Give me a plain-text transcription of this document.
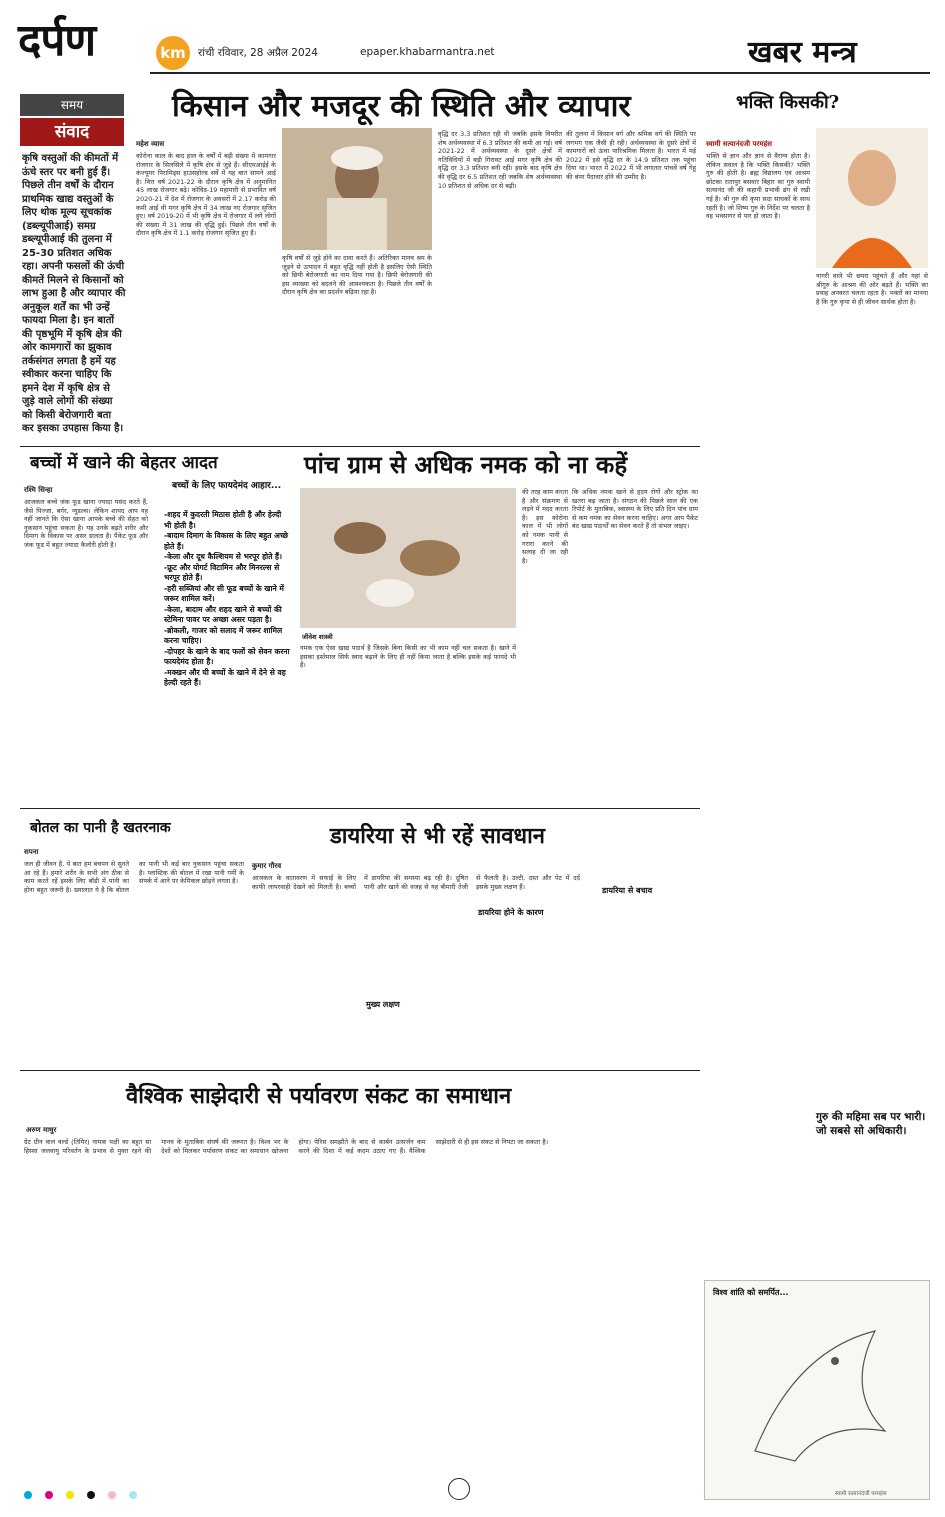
दर्पण	km	रांची रविवार, 28 अप्रैल 2024	epaper.khabarmantra.net	खबर मन्त्र
समय
संवाद
कृषि वस्तुओं की कीमतों में ऊंचे स्तर पर बनी हुई हैं। पिछले तीन वर्षों के दौरान प्राथमिक खाद्य वस्तुओं के लिए थोक मूल्य सूचकांक (डब्ल्यूपीआई) समग्र डब्ल्यूपीआई की तुलना में 25-30 प्रतिशत अधिक रहा। अपनी फसलों की ऊंची कीमतें मिलने से किसानों को लाभ हुआ है और व्यापार की अनुकूल शर्तें का भी उन्हें फायदा मिला है। इन बातों की पृष्ठभूमि में कृषि क्षेत्र की ओर कामगारों का झुकाव तर्कसंगत लगता है हमें यह स्वीकार करना चाहिए कि हमने देश में कृषि क्षेत्र से जुड़े वाले लोगों की संख्या को किसी बेरोजगारी बता कर इसका उपहास किया है।
किसान और मजदूर की स्थिति और व्यापार
महेश व्यास
कोरोना काल के बाद हाल के वर्षों में बड़ी संख्या में कामगार रोजगार के सिलसिले में कृषि क्षेत्र से जुड़े हैं। सीएमआईई के कंज्यूमर पिरामिड्स हाउसहोल्ड सर्वे में यह बात सामने आई है। वित्त वर्ष 2021-22 के दौरान कृषि क्षेत्र में अनुमानित 45 लाख रोजगार बढ़े। कोविड-19 महामारी से प्रभावित वर्ष 2020-21 में देश में रोजगार के अवसरों में 2.17 करोड़ की कमी आई थी मगर कृषि क्षेत्र में 34 लाख नए रोजगार सृजित हुए। वर्ष 2019-20 में भी कृषि क्षेत्र में रोजगार में लगे लोगों की संख्या में 31 लाख की वृद्धि हुई। पिछले तीन वर्षों के दौरान कृषि क्षेत्र में 1.1 करोड़ रोजगार सृजित हुए हैं।
कृषि वर्षों से जुड़े होने का दावा करते हैं। अतिरिक्त मानव श्रम के जुड़ने से उत्पादन में बहुत वृद्धि नहीं होती है इसलिए ऐसी स्थिति को छिपी बेरोजगारी का नाम दिया गया है। छिपी बेरोजगारी की इस व्याख्या को बदलने की आवश्यकता है। पिछले तीन वर्षों के दौरान कृषि क्षेत्र का प्रदर्शन बढ़िया रहा है।
वृद्धि दर 3.3 प्रतिशत रही थी जबकि इसके विपरीत शेष अर्थव्यवस्था में 6.3 प्रतिशत की कमी आ गई। वर्ष 2021-22 में अर्थव्यवस्था के दूसरे क्षेत्रों में गतिविधियों में बड़ी गिरावट आई मगर कृषि क्षेत्र की वृद्धि दर 3.3 प्रतिशत बनी रही। इसके बाद कृषि क्षेत्र की वृद्धि दर 6.5 प्रतिशत रही जबकि शेष अर्थव्यवस्था 10 प्रतिशत से अधिक दर से बढ़ी।
की तुलना में किसान वर्ग और श्रमिक वर्ग की स्थिति पर लगभग एक जैसी ही रही। अर्थव्यवस्था के दूसरे क्षेत्रों में कामगारों को ऊंचा पारिश्रमिक मिलता है। भारत में मई 2022 में इसे वृद्धि दर के 14.9 प्रतिशत तक पहुंचा दिया था। भारत में 2022 में भी लगातार पांचवें वर्ष गेहूं की बंपर पैदावार होने की उम्मीद है।
भक्ति किसकी?
स्वामी सत्यानंदजी परमहंस
भक्ति से ज्ञान और ज्ञान से वैराग्य होता है। लेकिन सवाल है कि भक्ति किसकी? भक्ति गुरु की होती है। ब्रह्म विद्यालय एवं आश्रम छोटका रातापुर बसवार बिहार का गुरु स्वामी सत्यानंद जी की कहानी प्रभावी ढंग से रखी गई है। श्री गुरु की कृपा सदा साधकों के साथ रहती है। जो शिष्य गुरु के निर्देश पर चलता है वह भवसागर से पार हो जाता है।
नागरी वाले भी छपरा पहुंचते हैं और यहां से श्रीगुरु के आश्रम की ओर बढ़ते हैं। भक्ति का प्रवाह अनवरत चलता रहता है। भक्तों का मानना है कि गुरु कृपा से ही जीवन सार्थक होता है।
गुरु की महिमा सब पर भारी। जो सबसे सो अधिकारी।
विश्व शांति को समर्पित...
स्वामी सत्यानंदजी परमहंस
बच्चों में खाने की बेहतर आदत
रश्मि सिन्हा
आजकल बच्चे जंक फूड खाना ज्यादा पसंद करते हैं, जैसे पिज्जा, बर्गर, न्यूडल्स। लेकिन शायद आप यह नहीं जानते कि ऐसा खाना आपके बच्चे की सेहत को नुकसान पहुंचा सकता है। यह उनके बढ़ते शरीर और दिमाग के विकास पर असर डालता है। पैकेट फूड और जंक फूड में बहुत ज्यादा कैलोरी होती है।
बच्चों के लिए फायदेमंद आहार...
-शहद में कुदरती मिठास होती है और हेल्दी भी होती है।
-बादाम दिमाग के विकास के लिए बहुत अच्छे होते हैं।
-केला और दूध कैल्शियम से भरपूर होते हैं।
-फ्रूट और योगर्ट विटामिन और मिनरल्स से भरपूर होते हैं।
-हरी सब्जियां और सी फूड बच्चों के खाने में जरूर शामिल करें।
-केला, बादाम और शहद खाने से बच्चों की स्टेमिना पावर पर अच्छा असर पड़ता है।
-ब्रोकली, गाजर को सलाद में जरूर शामिल करना चाहिए।
-दोपहर के खाने के बाद फलों को सेवन करना फायदेमंद होता है।
-मक्खन और घी बच्चों के खाने में देने से वह हेल्दी रहते हैं।
पांच ग्राम से अधिक नमक को ना कहें
जीवेश शास्त्री
नमक एक ऐसा खाद्य पदार्थ है जिसके बिना किसी का भी काम नहीं चल सकता है। खाने में इसका इस्तेमाल सिर्फ स्वाद बढ़ाने के लिए ही नहीं किया जाता है बल्कि इसके कई फायदे भी हैं।
की तरह काम करता है और संक्रमण से लड़ने में मदद करता है। इस कोरोना काल में भी लोगों को नमक पानी से गरारा करने की सलाह दी जा रही है।
कि अधिक नमक खाने से हृदय रोगों और स्ट्रोक का खतरा बढ़ जाता है। संगठन की पिछले साल की एक रिपोर्ट के मुताबिक, स्वास्थ्य के लिए प्रति दिन पांच ग्राम से कम नमक का सेवन करना चाहिए। अगर आप पैकेट बंद खाद्य पदार्थों का सेवन करते हैं तो संभल जाइए।
बोतल का पानी है खतरनाक
सपना
जल ही जीवन है, ये बात हम बचपन से सुनते आ रहे हैं। हमारे शरीर के सभी अंग ठीक से काम करते रहें इसके लिए बॉडी में पानी का होना बहुत जरूरी है। ख्यालात ये है कि बोतल का पानी भी कई बार नुकसान पहुंचा सकता है। प्लास्टिक की बोतल में रखा पानी गर्मी के संपर्क में आने पर केमिकल छोड़ने लगता है।
डायरिया से भी रहें सावधान
कुमार गौरव
आजकल के वातावरण में सफाई के लिए काफी लापरवाही देखने को मिलती है। बच्चों में डायरिया की समस्या बढ़ रही है। दूषित पानी और खाने की वजह से यह बीमारी तेजी से फैलती है। उल्टी, दस्त और पेट में दर्द इसके मुख्य लक्षण हैं।
डायरिया होने के कारण
मुख्य लक्षण
डायरिया से बचाव
वैश्विक साझेदारी से पर्यावरण संकट का समाधान
अरुण माथुर
ग्रेट ग्रीन वाल वर्ल्ड (तिमिर) नामक पक्षी का बहुत सा हिस्सा जलवायु परिवर्तन के प्रभाव से मुक्त रहने की मानव के मुताबिक संघर्ष की जरूरत है। विश्व भर के देशों को मिलकर पर्यावरण संकट का समाधान खोजना होगा। पेरिस समझौते के बाद से कार्बन उत्सर्जन कम करने की दिशा में कई कदम उठाए गए हैं। वैश्विक साझेदारी से ही इस संकट से निपटा जा सकता है।
